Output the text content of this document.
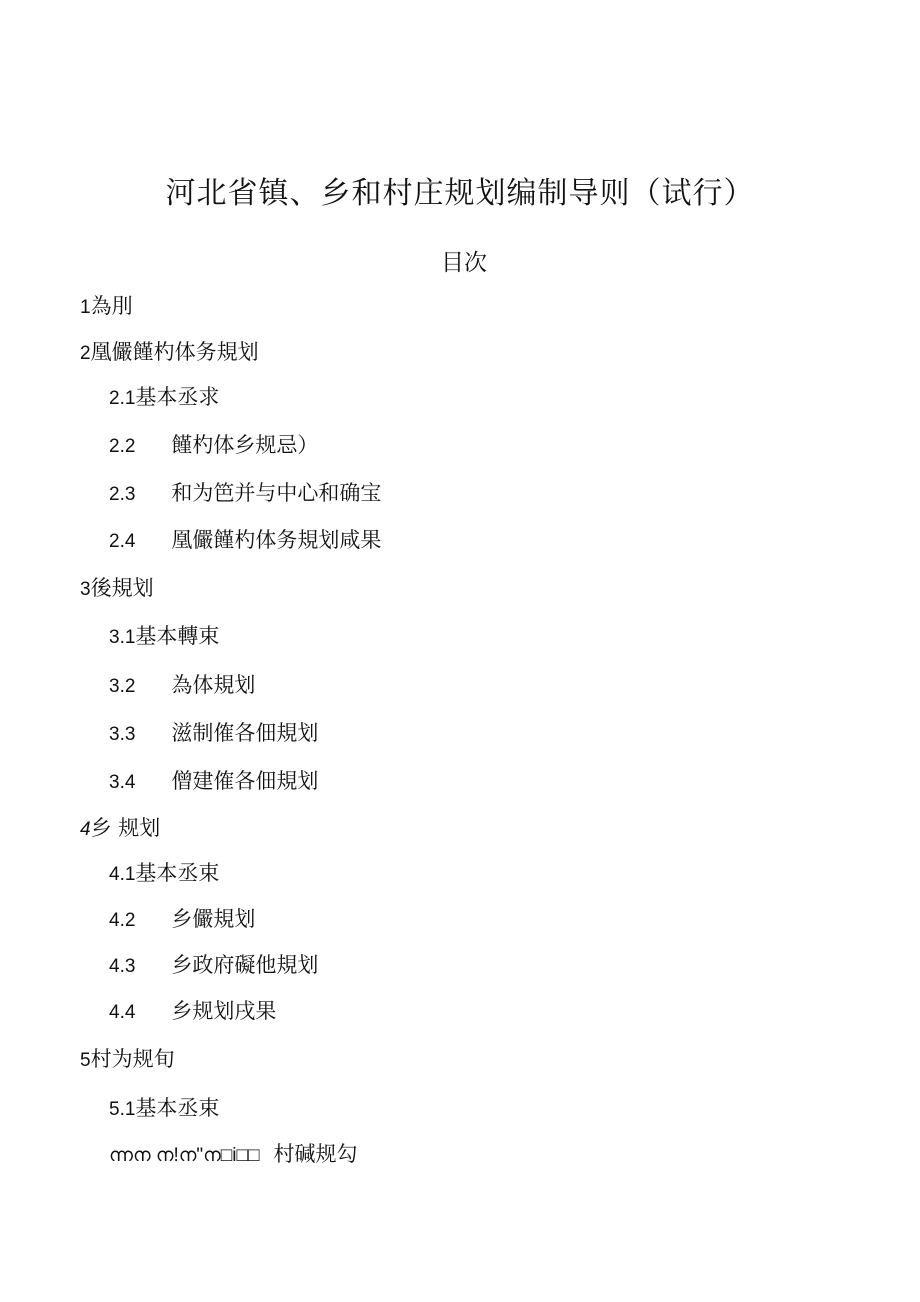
河北省镇、乡和村庄规划编制导则（试行）
目次
1為刖
2凰儼饉杓体务規划
2.1基本丞求
2.2 饉杓体乡规忌）
2.3 和为笆并与中心和确宝
2.4 凰儼饉杓体务規划咸果
3後規划
3.1基本轉束
3.2 為体規划
3.3 滋制傕各佃規划
3.4 僧建傕各佃規划
4乡 规划
4.1基本丞束
4.2 乡儼規划
4.3 乡政府礙他規划
4.4 乡规划戌果
5村为规旬
5.1基本丞束
ന്നന ന!ന"ന□i□□ 村碱规勾
